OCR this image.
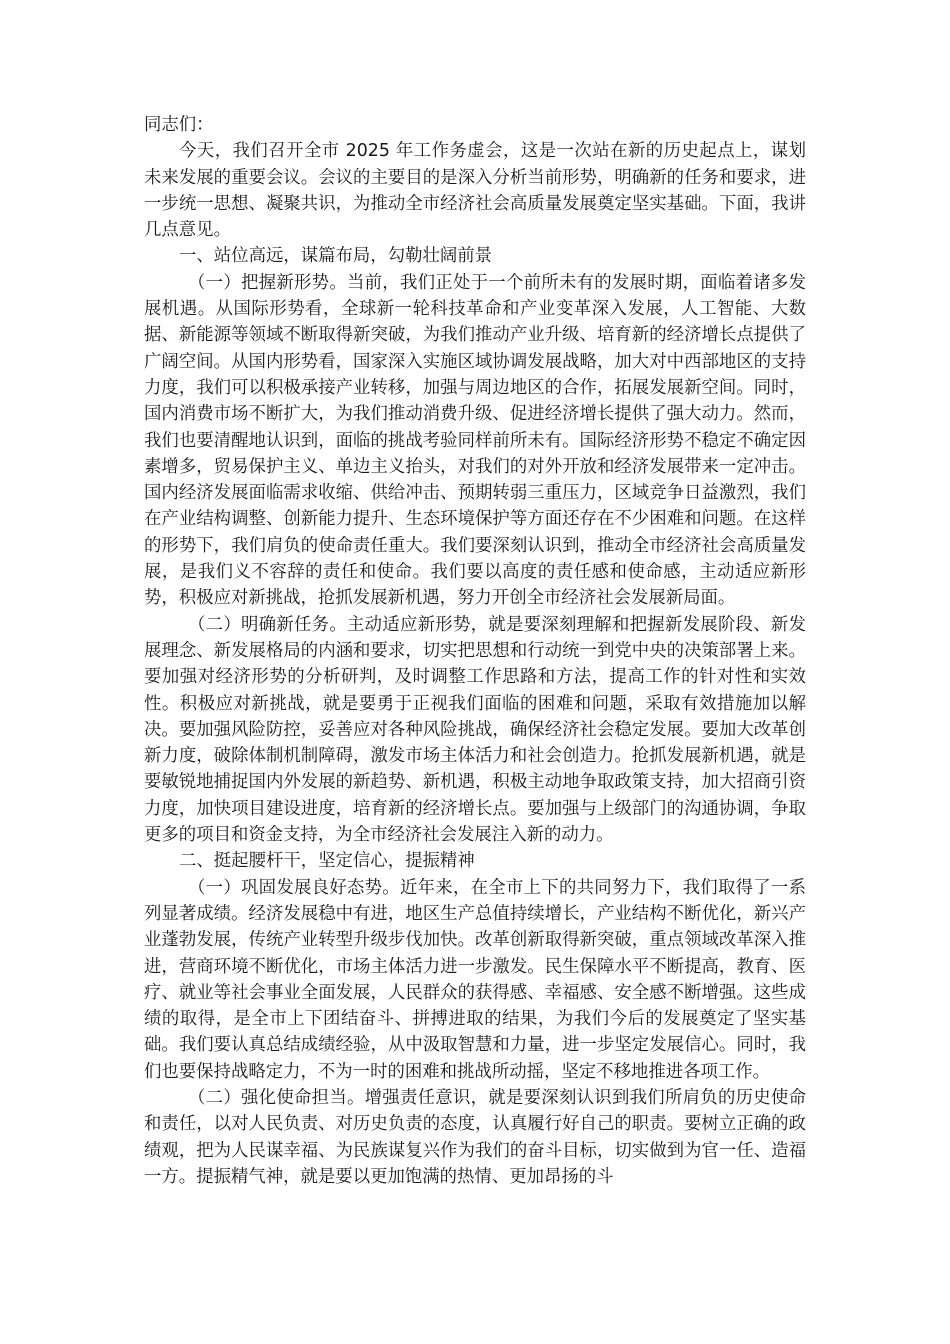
同志们：

今天，我们召开全市 2025 年工作务虚会，这是一次站在新的历史起点上，谋划未来发展的重要会议。会议的主要目的是深入分析当前形势，明确新的任务和要求，进一步统一思想、凝聚共识，为推动全市经济社会高质量发展奠定坚实基础。下面，我讲几点意见。

一、站位高远，谋篇布局，勾勒壮阔前景

（一）把握新形势。当前，我们正处于一个前所未有的发展时期，面临着诸多发展机遇。从国际形势看，全球新一轮科技革命和产业变革深入发展，人工智能、大数据、新能源等领域不断取得新突破，为我们推动产业升级、培育新的经济增长点提供了广阔空间。从国内形势看，国家深入实施区域协调发展战略，加大对中西部地区的支持力度，我们可以积极承接产业转移，加强与周边地区的合作，拓展发展新空间。同时，国内消费市场不断扩大，为我们推动消费升级、促进经济增长提供了强大动力。然而，我们也要清醒地认识到，面临的挑战考验同样前所未有。国际经济形势不稳定不确定因素增多，贸易保护主义、单边主义抬头，对我们的对外开放和经济发展带来一定冲击。国内经济发展面临需求收缩、供给冲击、预期转弱三重压力，区域竞争日益激烈，我们在产业结构调整、创新能力提升、生态环境保护等方面还存在不少困难和问题。在这样的形势下，我们肩负的使命责任重大。我们要深刻认识到，推动全市经济社会高质量发展，是我们义不容辞的责任和使命。我们要以高度的责任感和使命感，主动适应新形势，积极应对新挑战，抢抓发展新机遇，努力开创全市经济社会发展新局面。

（二）明确新任务。主动适应新形势，就是要深刻理解和把握新发展阶段、新发展理念、新发展格局的内涵和要求，切实把思想和行动统一到党中央的决策部署上来。要加强对经济形势的分析研判，及时调整工作思路和方法，提高工作的针对性和实效性。积极应对新挑战，就是要勇于正视我们面临的困难和问题，采取有效措施加以解决。要加强风险防控，妥善应对各种风险挑战，确保经济社会稳定发展。要加大改革创新力度，破除体制机制障碍，激发市场主体活力和社会创造力。抢抓发展新机遇，就是要敏锐地捕捉国内外发展的新趋势、新机遇，积极主动地争取政策支持，加大招商引资力度，加快项目建设进度，培育新的经济增长点。要加强与上级部门的沟通协调，争取更多的项目和资金支持，为全市经济社会发展注入新的动力。

二、挺起腰杆干，坚定信心，提振精神

（一）巩固发展良好态势。近年来，在全市上下的共同努力下，我们取得了一系列显著成绩。经济发展稳中有进，地区生产总值持续增长，产业结构不断优化，新兴产业蓬勃发展，传统产业转型升级步伐加快。改革创新取得新突破，重点领域改革深入推进，营商环境不断优化，市场主体活力进一步激发。民生保障水平不断提高，教育、医疗、就业等社会事业全面发展，人民群众的获得感、幸福感、安全感不断增强。这些成绩的取得，是全市上下团结奋斗、拼搏进取的结果，为我们今后的发展奠定了坚实基础。我们要认真总结成绩经验，从中汲取智慧和力量，进一步坚定发展信心。同时，我们也要保持战略定力，不为一时的困难和挑战所动摇，坚定不移地推进各项工作。

（二）强化使命担当。增强责任意识，就是要深刻认识到我们所肩负的历史使命和责任，以对人民负责、对历史负责的态度，认真履行好自己的职责。要树立正确的政绩观，把为人民谋幸福、为民族谋复兴作为我们的奋斗目标，切实做到为官一任、造福一方。提振精气神，就是要以更加饱满的热情、更加昂扬的斗
